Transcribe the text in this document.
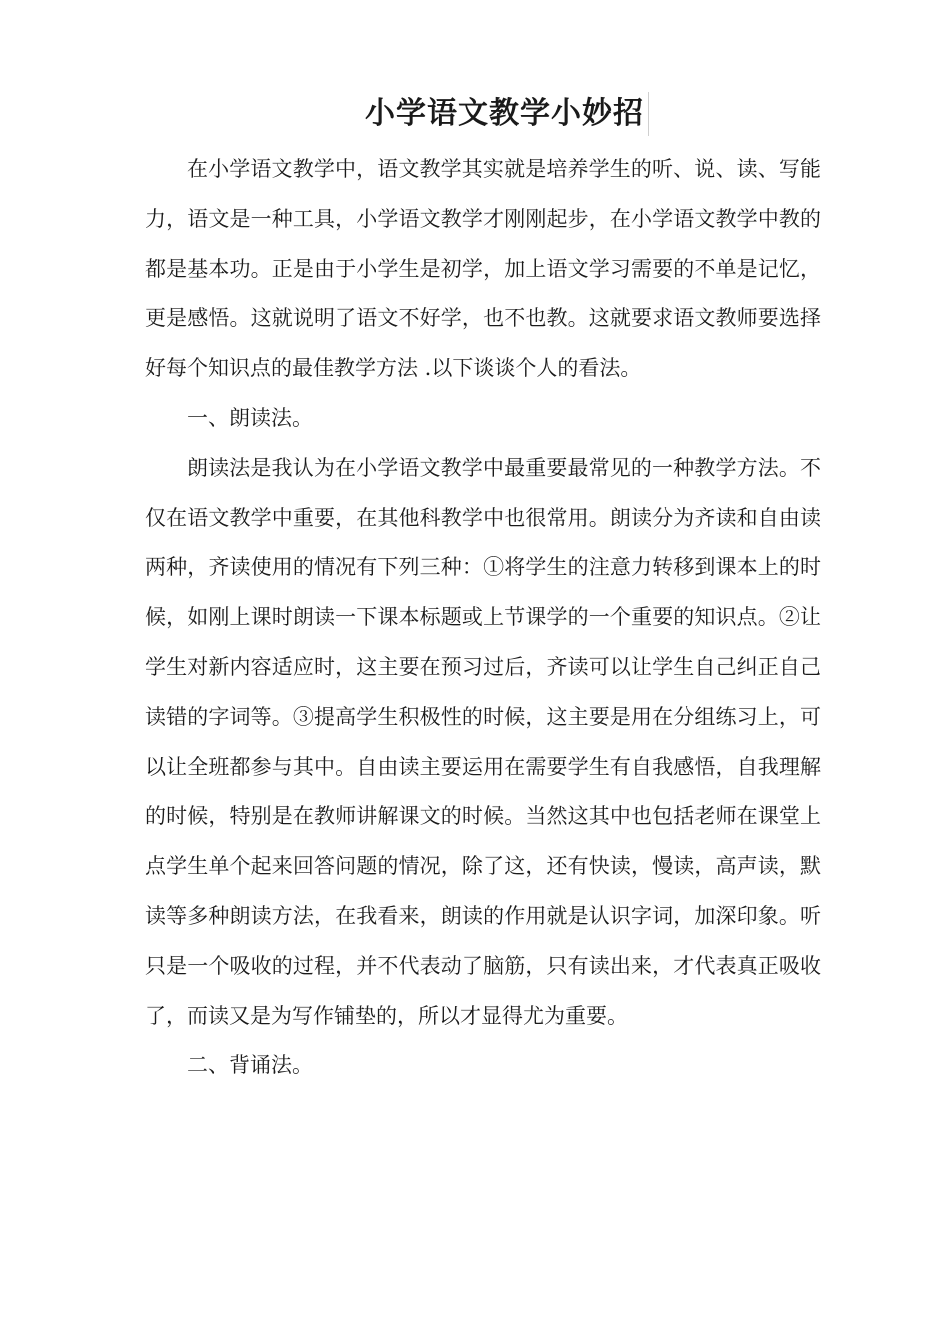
小学语文教学小妙招

在小学语文教学中，语文教学其实就是培养学生的听、说、读、写能力，语文是一种工具，小学语文教学才刚刚起步，在小学语文教学中教的都是基本功。正是由于小学生是初学，加上语文学习需要的不单是记忆，更是感悟。这就说明了语文不好学，也不也教。这就要求语文教师要选择好每个知识点的最佳教学方法 .以下谈谈个人的看法。

一、朗读法。

朗读法是我认为在小学语文教学中最重要最常见的一种教学方法。不仅在语文教学中重要，在其他科教学中也很常用。朗读分为齐读和自由读两种，齐读使用的情况有下列三种：①将学生的注意力转移到课本上的时候，如刚上课时朗读一下课本标题或上节课学的一个重要的知识点。②让学生对新内容适应时，这主要在预习过后，齐读可以让学生自己纠正自己读错的字词等。③提高学生积极性的时候，这主要是用在分组练习上，可以让全班都参与其中。自由读主要运用在需要学生有自我感悟，自我理解的时候，特别是在教师讲解课文的时候。当然这其中也包括老师在课堂上点学生单个起来回答问题的情况，除了这，还有快读，慢读，高声读，默读等多种朗读方法，在我看来，朗读的作用就是认识字词，加深印象。听只是一个吸收的过程，并不代表动了脑筋，只有读出来，才代表真正吸收了，而读又是为写作铺垫的，所以才显得尤为重要。

二、背诵法。
